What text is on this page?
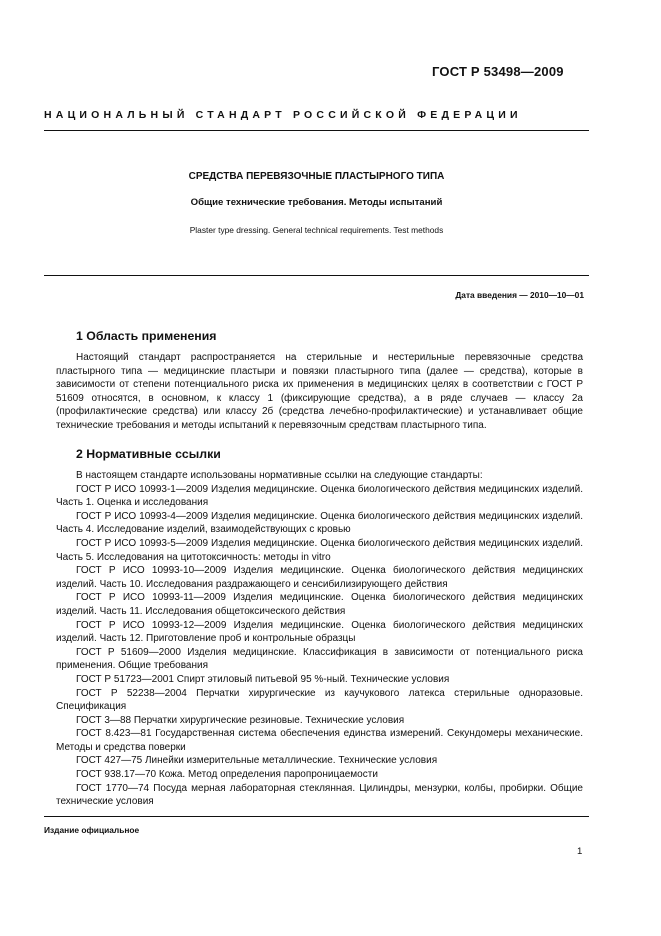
ГОСТ Р 53498—2009
НАЦИОНАЛЬНЫЙ СТАНДАРТ РОССИЙСКОЙ ФЕДЕРАЦИИ
СРЕДСТВА ПЕРЕВЯЗОЧНЫЕ ПЛАСТЫРНОГО ТИПА
Общие технические требования. Методы испытаний
Plaster type dressing. General technical requirements. Test methods
Дата введения — 2010—10—01
1 Область применения

Настоящий стандарт распространяется на стерильные и нестерильные перевязочные средства пластырного типа — медицинские пластыри и повязки пластырного типа (далее — средства), которые в зависимости от степени потенциального риска их применения в медицинских целях в соответствии с ГОСТ Р 51609 относятся, в основном, к классу 1 (фиксирующие средства), а в ряде случаев — классу 2а (профилактические средства) или классу 2б (средства лечебно-профилактические) и устанавливает общие технические требования и методы испытаний к перевязочным средствам пластырного типа.

2 Нормативные ссылки

В настоящем стандарте использованы нормативные ссылки на следующие стандарты:

ГОСТ Р ИСО 10993-1—2009 Изделия медицинские. Оценка биологического действия медицинских изделий. Часть 1. Оценка и исследования

ГОСТ Р ИСО 10993-4—2009 Изделия медицинские. Оценка биологического действия медицинских изделий. Часть 4. Исследование изделий, взаимодействующих с кровью

ГОСТ Р ИСО 10993-5—2009 Изделия медицинские. Оценка биологического действия медицинских изделий. Часть 5. Исследования на цитотоксичность: методы in vitro

ГОСТ Р ИСО 10993-10—2009 Изделия медицинские. Оценка биологического действия медицинских изделий. Часть 10. Исследования раздражающего и сенсибилизирующего действия

ГОСТ Р ИСО 10993-11—2009 Изделия медицинские. Оценка биологического действия медицинских изделий. Часть 11. Исследования общетоксического действия

ГОСТ Р ИСО 10993-12—2009 Изделия медицинские. Оценка биологического действия медицинских изделий. Часть 12. Приготовление проб и контрольные образцы

ГОСТ Р 51609—2000 Изделия медицинские. Классификация в зависимости от потенциального риска применения. Общие требования

ГОСТ Р 51723—2001 Спирт этиловый питьевой 95 %-ный. Технические условия

ГОСТ Р 52238—2004 Перчатки хирургические из каучукового латекса стерильные одноразовые. Спецификация

ГОСТ 3—88 Перчатки хирургические резиновые. Технические условия

ГОСТ 8.423—81 Государственная система обеспечения единства измерений. Секундомеры механические. Методы и средства поверки

ГОСТ 427—75 Линейки измерительные металлические. Технические условия

ГОСТ 938.17—70 Кожа. Метод определения паропроницаемости

ГОСТ 1770—74 Посуда мерная лабораторная стеклянная. Цилиндры, мензурки, колбы, пробирки. Общие технические условия

Издание официальное
1
